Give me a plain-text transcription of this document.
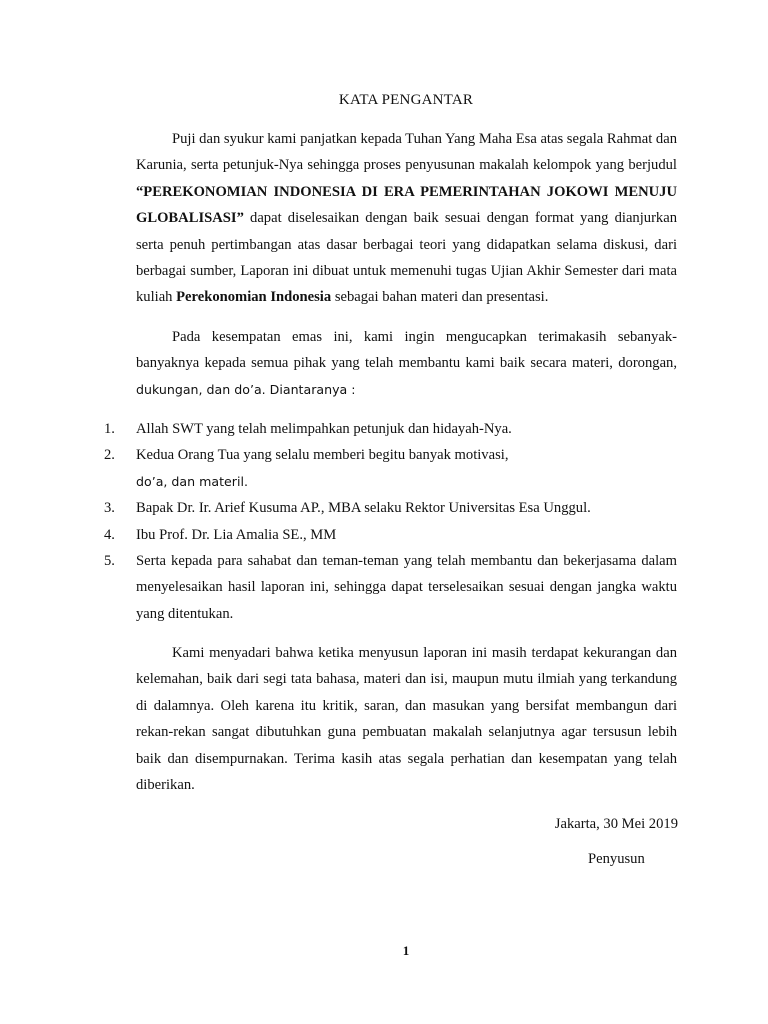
KATA PENGANTAR

Puji dan syukur kami panjatkan kepada Tuhan Yang Maha Esa atas segala Rahmat dan Karunia, serta petunjuk-Nya sehingga proses penyusunan makalah kelompok yang berjudul “PEREKONOMIAN INDONESIA DI ERA PEMERINTAHAN JOKOWI MENUJU GLOBALISASI” dapat diselesaikan dengan baik sesuai dengan format yang dianjurkan serta penuh pertimbangan atas dasar berbagai teori yang didapatkan selama diskusi, dari berbagai sumber, Laporan ini dibuat untuk memenuhi tugas Ujian Akhir Semester dari mata kuliah Perekonomian Indonesia sebagai bahan materi dan presentasi.

Pada kesempatan emas ini, kami ingin mengucapkan terimakasih sebanyak-banyaknya kepada semua pihak yang telah membantu kami baik secara materi, dorongan, dukungan, dan do’a. Diantaranya :

1. Allah SWT yang telah melimpahkan petunjuk dan hidayah-Nya.
2. Kedua Orang Tua yang selalu memberi begitu banyak motivasi,
do’a, dan materil.
3. Bapak Dr. Ir. Arief Kusuma AP., MBA selaku Rektor Universitas Esa Unggul.
4. Ibu Prof. Dr. Lia Amalia SE., MM
5. Serta kepada para sahabat dan teman-teman yang telah membantu dan bekerjasama dalam menyelesaikan hasil laporan ini, sehingga dapat terselesaikan sesuai dengan jangka waktu yang ditentukan.

Kami menyadari bahwa ketika menyusun laporan ini masih terdapat kekurangan dan kelemahan, baik dari segi tata bahasa, materi dan isi, maupun mutu ilmiah yang terkandung di dalamnya. Oleh karena itu kritik, saran, dan masukan yang bersifat membangun dari rekan-rekan sangat dibutuhkan guna pembuatan makalah selanjutnya agar tersusun lebih baik dan disempurnakan. Terima kasih atas segala perhatian dan kesempatan yang telah diberikan.

Jakarta, 30 Mei 2019
Penyusun
1
